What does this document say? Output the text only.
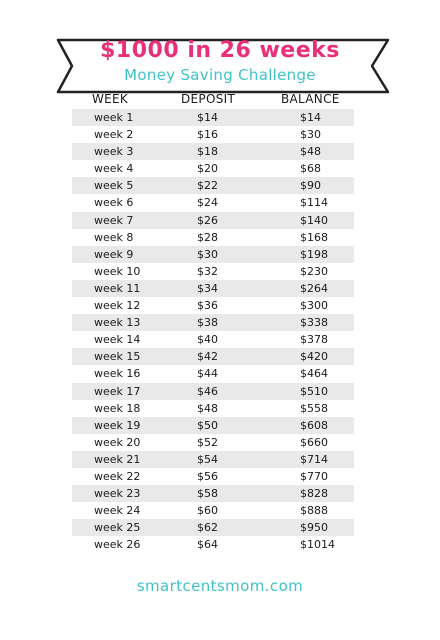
$1000 in 26 weeks
Money Saving Challenge
WEEK	DEPOSIT	BALANCE
week 1	$14	$14
week 2	$16	$30
week 3	$18	$48
week 4	$20	$68
week 5	$22	$90
week 6	$24	$114
week 7	$26	$140
week 8	$28	$168
week 9	$30	$198
week 10	$32	$230
week 11	$34	$264
week 12	$36	$300
week 13	$38	$338
week 14	$40	$378
week 15	$42	$420
week 16	$44	$464
week 17	$46	$510
week 18	$48	$558
week 19	$50	$608
week 20	$52	$660
week 21	$54	$714
week 22	$56	$770
week 23	$58	$828
week 24	$60	$888
week 25	$62	$950
week 26	$64	$1014
smartcentsmom.com
